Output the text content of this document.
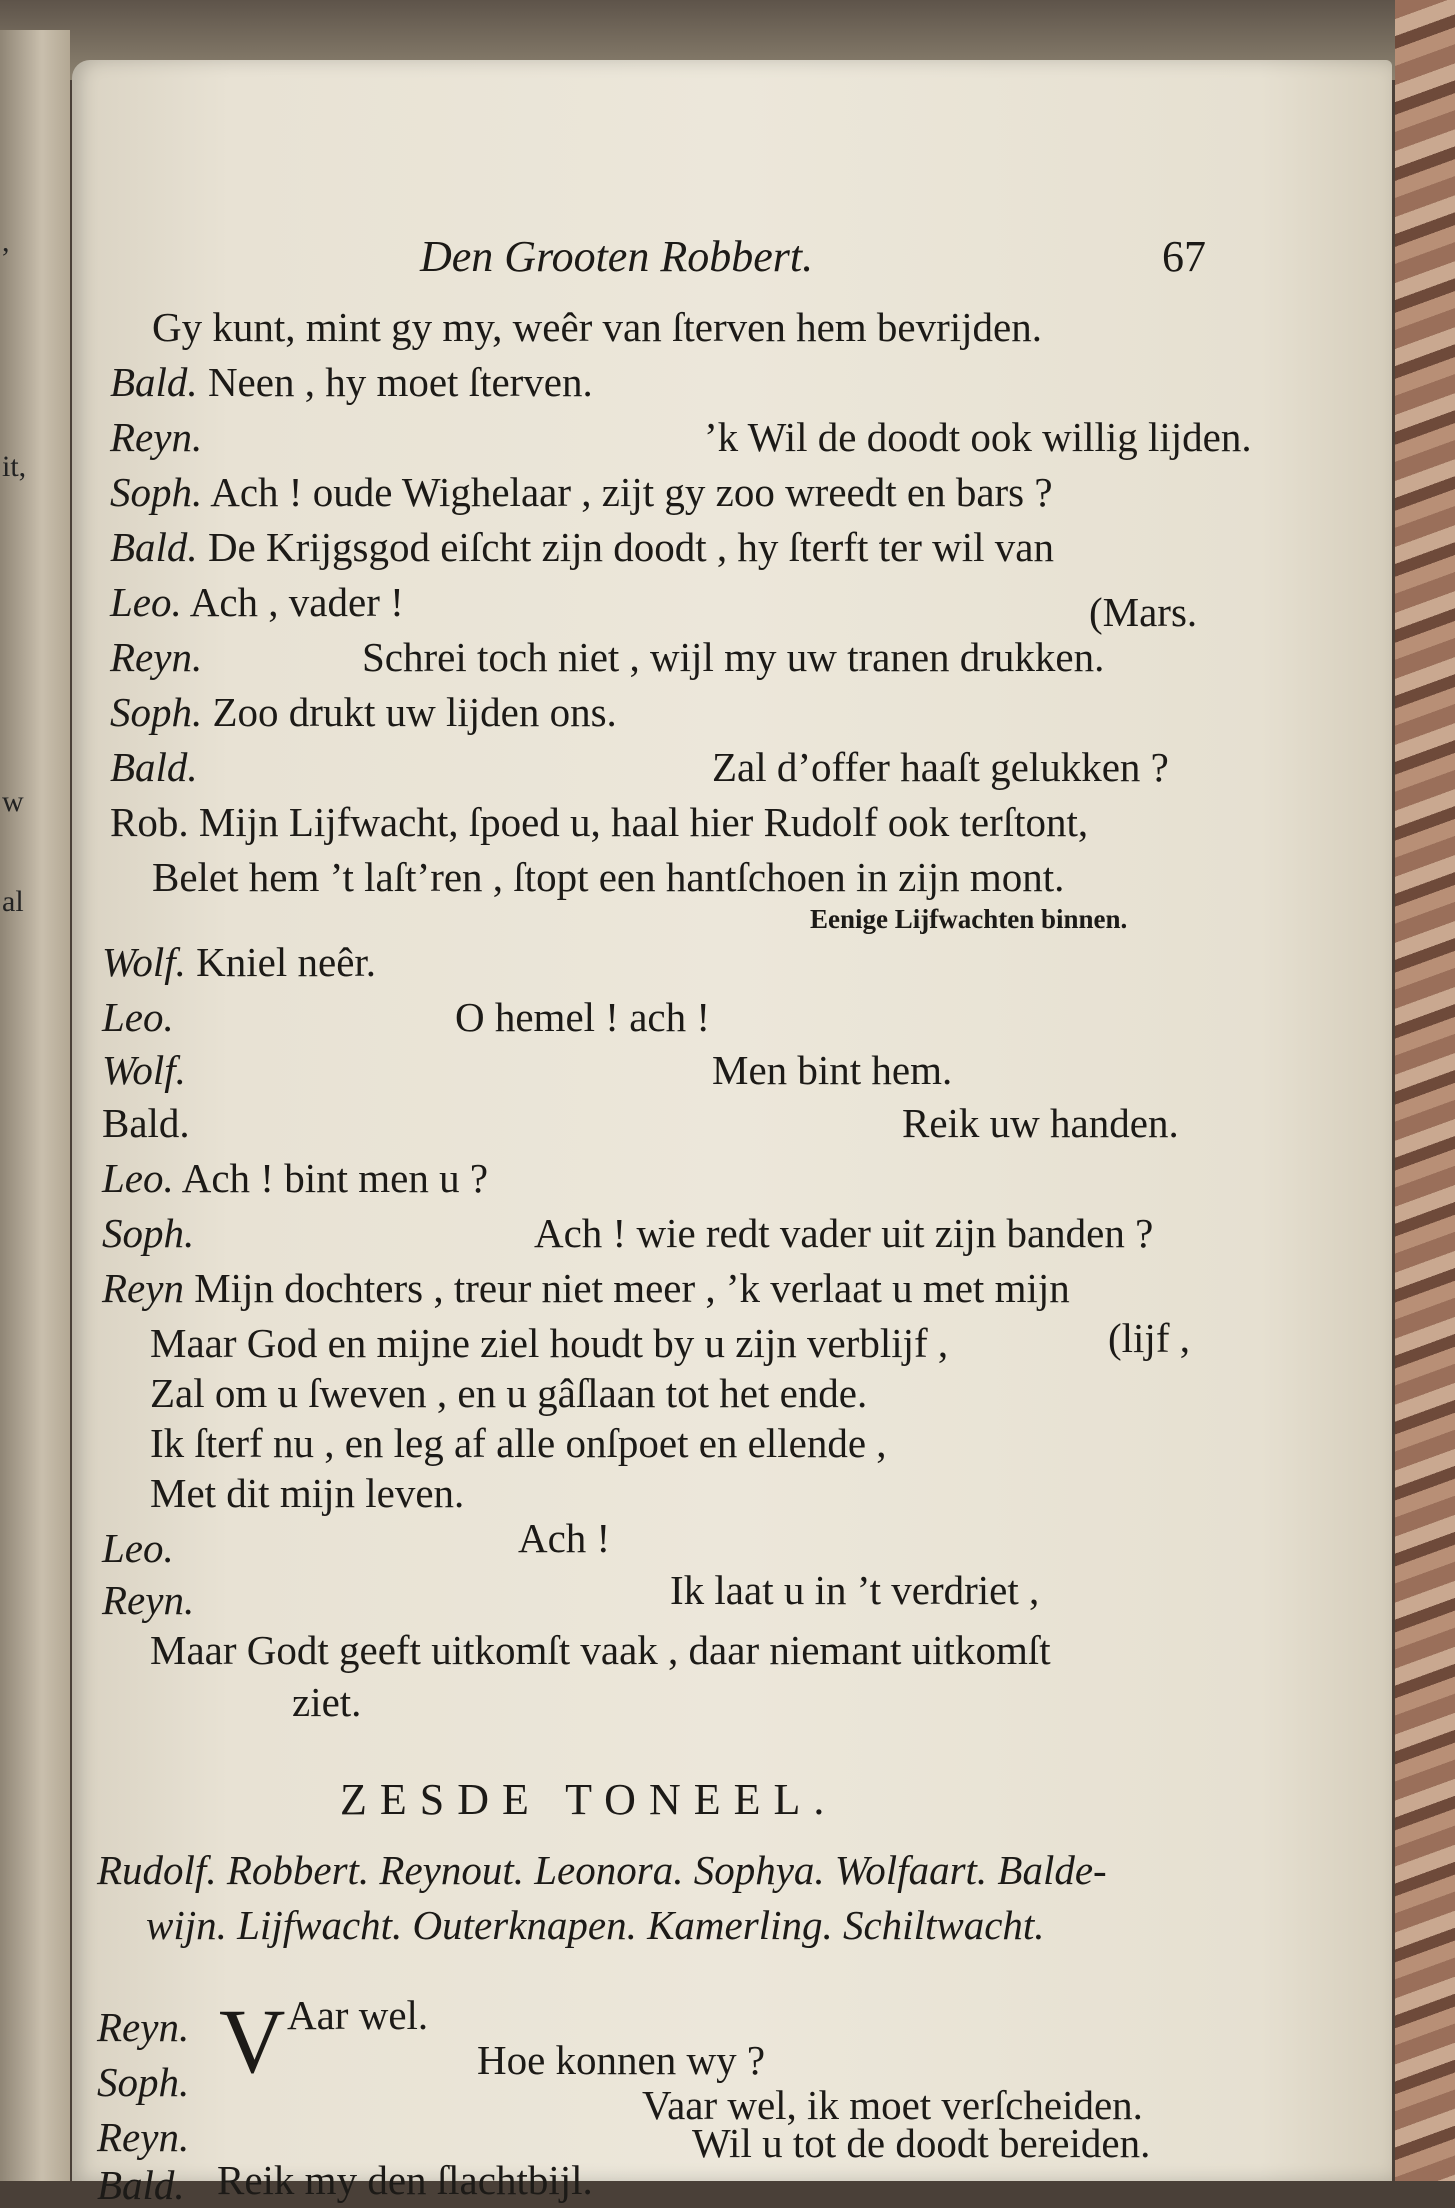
,
it,
w
al
Den Grooten Robbert.	67
Gy kunt, mint gy my, weêr van ſterven hem bevrijden.
Bald. Neen , hy moet ſterven.
Reyn.	’k Wil de doodt ook willig lijden.
Soph. Ach ! oude Wighelaar , zijt gy zoo wreedt en bars ?
Bald. De Krijgsgod eiſcht zijn doodt , hy ſterft ter wil van
Leo. Ach , vader !	(Mars.
Reyn.	Schrei toch niet , wijl my uw tranen drukken.
Soph. Zoo drukt uw lijden ons.
Bald.	Zal d’offer haaſt gelukken ?
Rob. Mijn Lijfwacht, ſpoed u, haal hier Rudolf ook terſtont,
Belet hem ’t laſt’ren , ſtopt een hantſchoen in zijn mont.
Eenige Lijfwachten binnen.
Wolf. Kniel neêr.
Leo.	O hemel ! ach !
Wolf.	Men bint hem.
Bald.	Reik uw handen.
Leo. Ach ! bint men u ?
Soph.	Ach ! wie redt vader uit zijn banden ?
Reyn Mijn dochters , treur niet meer , ’k verlaat u met mijn
Maar God en mijne ziel houdt by u zijn verblijf ,	(lijf ,
Zal om u ſweven , en u gâſlaan tot het ende.
Ik ſterf nu , en leg af alle onſpoet en ellende ,
Met dit mijn leven.
Leo.	Ach !
Reyn.	Ik laat u in ’t verdriet ,
Maar Godt geeft uitkomſt vaak , daar niemant uitkomſt
ziet.
ZESDE TONEEL.
Rudolf. Robbert. Reynout. Leonora. Sophya. Wolfaart. Balde-
wijn. Lijfwacht. Outerknapen. Kamerling. Schiltwacht.
Reyn. V Aar wel.
Soph.	Hoe konnen wy ?
Reyn.
Vaar wel, ik moet verſcheiden.
Bald. Reik my den ſlachtbijl.
Wil u tot de doodt bereiden.
